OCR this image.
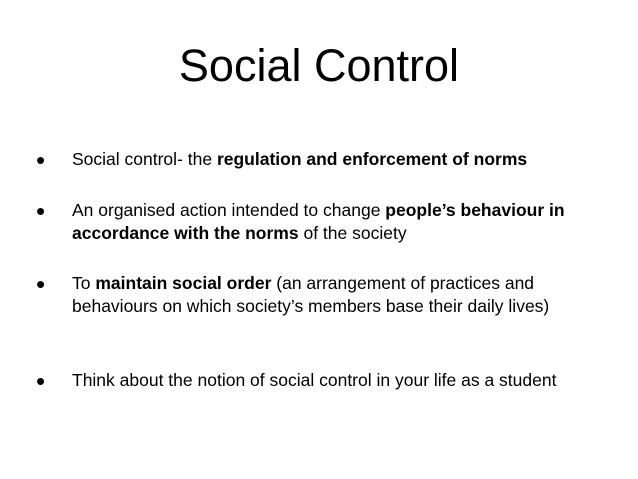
Social Control
• Social control- the regulation and enforcement of norms
• An organised action intended to change people’s behaviour in accordance with the norms of the society
• To maintain social order (an arrangement of practices and behaviours on which society’s members base their daily lives)
• Think about the notion of social control in your life as a student
